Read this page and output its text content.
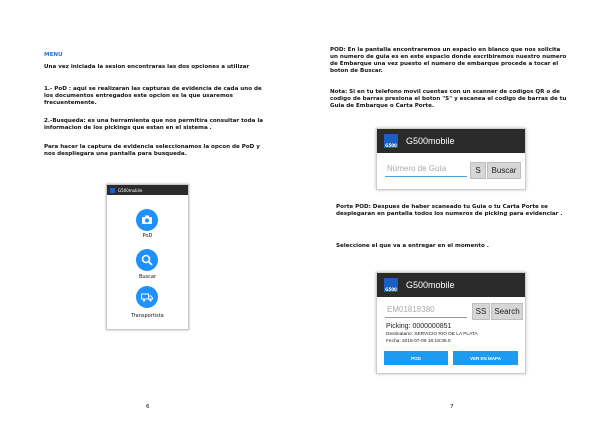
MENU

Una vez iniciada la sesion encontraras las dos opciones a utilizar

1.- PoD : aqui se realizaran las capturas de evidencia de cada uno de los documentos entregados este opcion es la que usaremos frecuentemente.

2.-Busqueda: es una herramienta que nos permitira consultar toda la informacion de los pickings que estan en el sistema .

Para hacer la captura de evidencia seleccionamos la opcon de PoD y nos despliegara una pantalla para busqueda.

G500mobile
PoD
Buscar
Transportista
6

POD: En la pantalla encontraremos un espacio en blanco que nos solicita un numero de guia es en este espacio donde escribiremos nuestro numero de Embarque una vez puesto el numero de embarque procede a tocar el boton de Buscar.

Nota: Si en tu telefono movil cuentas con un scanner de codigos QR o de codigo de barras presiona el boton "S" y escanea el codigo de barras de tu Guia de Embarque o Carta Porte.

G500 G500mobile
Número de Guía	S	Buscar

Porte POD: Despues de haber scaneado tu Guia o tu Carta Porte se desplegaran en pantalla todos los numeros de picking para evidenciar .

Seleccione el que va a entregar en el momento .

G500 G500mobile
EM01818380	SS Search
Picking: 0000000851
Destinatario: SERVICIO RIO DE LA PLATA
Fecha: 2018-07-09 16:19:39.0
POD	VER EN MAPA
7
